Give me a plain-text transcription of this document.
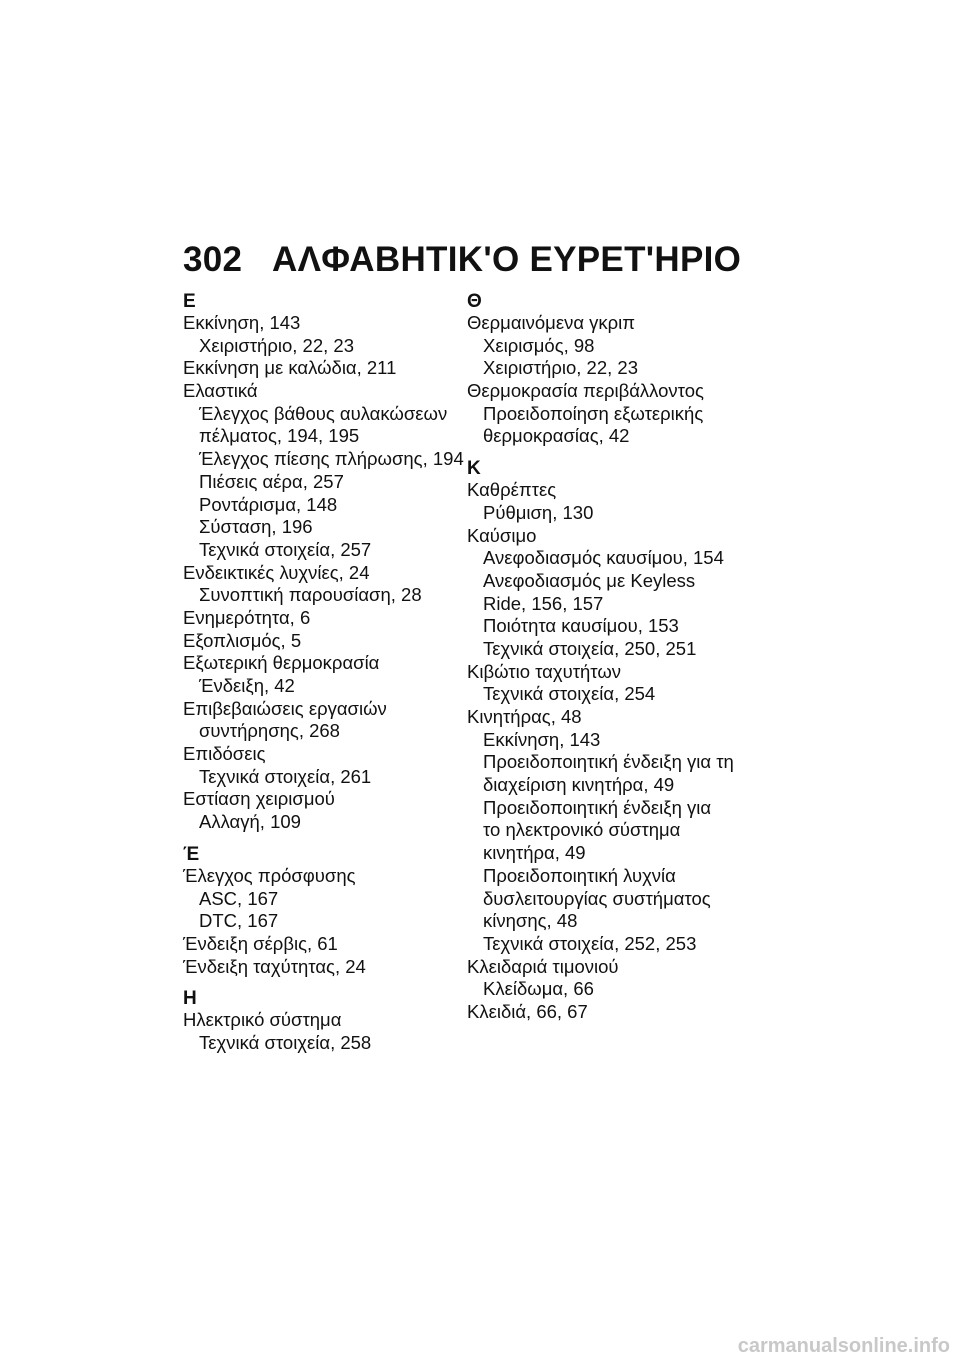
302 ΑΛΦΑΒΗΤΙΚ'Ο ΕΥΡΕΤ'ΗΡΙΟ
Ε
Εκκίνηση, 143
Χειριστήριο, 22, 23
Εκκίνηση με καλώδια, 211
Ελαστικά
Έλεγχος βάθους αυλακώσεων
πέλματος, 194, 195
Έλεγχος πίεσης πλήρωσης, 194
Πιέσεις αέρα, 257
Ροντάρισμα, 148
Σύσταση, 196
Τεχνικά στοιχεία, 257
Ενδεικτικές λυχνίες, 24
Συνοπτική παρουσίαση, 28
Ενημερότητα, 6
Εξοπλισμός, 5
Εξωτερική θερμοκρασία
Ένδειξη, 42
Επιβεβαιώσεις εργασιών
συντήρησης, 268
Επιδόσεις
Τεχνικά στοιχεία, 261
Εστίαση χειρισμού
Αλλαγή, 109
Έ
Έλεγχος πρόσφυσης
ASC, 167
DTC, 167
Ένδειξη σέρβις, 61
Ένδειξη ταχύτητας, 24
Η
Ηλεκτρικό σύστημα
Τεχνικά στοιχεία, 258
Θ
Θερμαινόμενα γκριπ
Χειρισμός, 98
Χειριστήριο, 22, 23
Θερμοκρασία περιβάλλοντος
Προειδοποίηση εξωτερικής
θερμοκρασίας, 42
Κ
Καθρέπτες
Ρύθμιση, 130
Καύσιμο
Ανεφοδιασμός καυσίμου, 154
Ανεφοδιασμός με Keyless
Ride, 156, 157
Ποιότητα καυσίμου, 153
Τεχνικά στοιχεία, 250, 251
Κιβώτιο ταχυτήτων
Τεχνικά στοιχεία, 254
Κινητήρας, 48
Εκκίνηση, 143
Προειδοποιητική ένδειξη για τη
διαχείριση κινητήρα, 49
Προειδοποιητική ένδειξη για
το ηλεκτρονικό σύστημα
κινητήρα, 49
Προειδοποιητική λυχνία
δυσλειτουργίας συστήματος
κίνησης, 48
Τεχνικά στοιχεία, 252, 253
Κλειδαριά τιμονιού
Κλείδωμα, 66
Κλειδιά, 66, 67
carmanualsonline.info
